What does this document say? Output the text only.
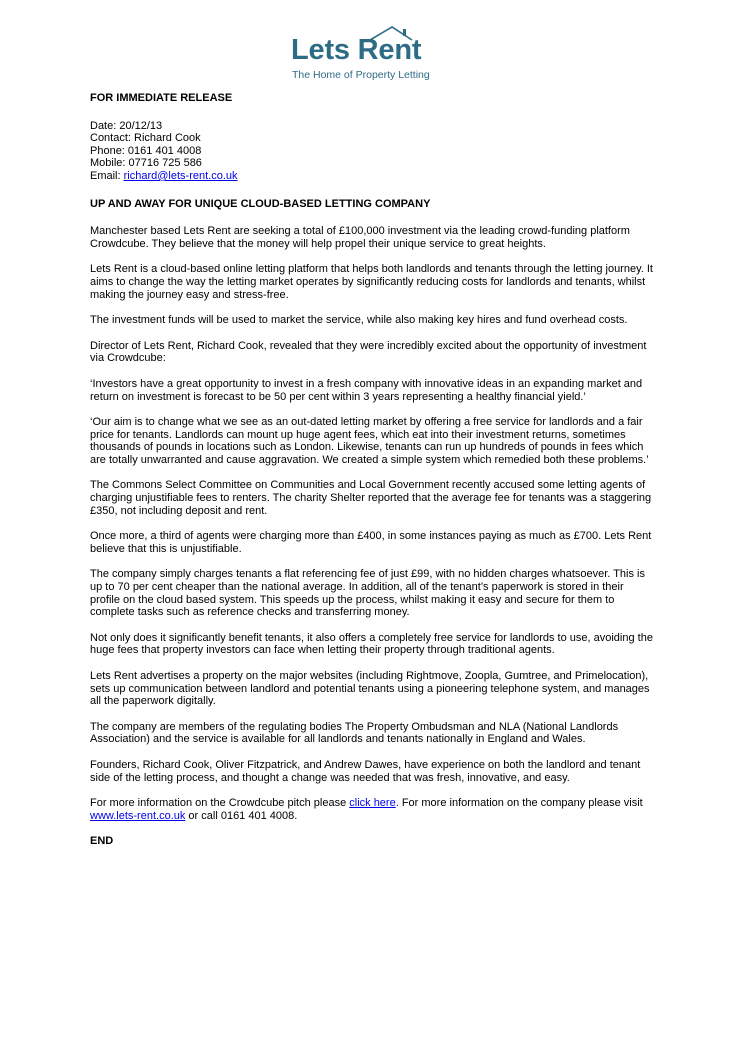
Lets Rent
The Home of Property Letting

FOR IMMEDIATE RELEASE

Date: 20/12/13
Contact: Richard Cook
Phone: 0161 401 4008
Mobile: 07716 725 586
Email: richard@lets-rent.co.uk

UP AND AWAY FOR UNIQUE CLOUD-BASED LETTING COMPANY

Manchester based Lets Rent are seeking a total of £100,000 investment via the leading crowd-funding platform Crowdcube. They believe that the money will help propel their unique service to great heights.

Lets Rent is a cloud-based online letting platform that helps both landlords and tenants through the letting journey. It aims to change the way the letting market operates by significantly reducing costs for landlords and tenants, whilst making the journey easy and stress-free.

The investment funds will be used to market the service, while also making key hires and fund overhead costs.

Director of Lets Rent, Richard Cook, revealed that they were incredibly excited about the opportunity of investment via Crowdcube:

‘Investors have a great opportunity to invest in a fresh company with innovative ideas in an expanding market and return on investment is forecast to be 50 per cent within 3 years representing a healthy financial yield.’

‘Our aim is to change what we see as an out-dated letting market by offering a free service for landlords and a fair price for tenants. Landlords can mount up huge agent fees, which eat into their investment returns, sometimes thousands of pounds in locations such as London. Likewise, tenants can run up hundreds of pounds in fees which are totally unwarranted and cause aggravation. We created a simple system which remedied both these problems.’

The Commons Select Committee on Communities and Local Government recently accused some letting agents of charging unjustifiable fees to renters. The charity Shelter reported that the average fee for tenants was a staggering £350, not including deposit and rent.

Once more, a third of agents were charging more than £400, in some instances paying as much as £700. Lets Rent believe that this is unjustifiable.

The company simply charges tenants a flat referencing fee of just £99, with no hidden charges whatsoever. This is up to 70 per cent cheaper than the national average. In addition, all of the tenant’s paperwork is stored in their profile on the cloud based system. This speeds up the process, whilst making it easy and secure for them to complete tasks such as reference checks and transferring money.

Not only does it significantly benefit tenants, it also offers a completely free service for landlords to use, avoiding the huge fees that property investors can face when letting their property through traditional agents.

Lets Rent advertises a property on the major websites (including Rightmove, Zoopla, Gumtree, and Primelocation), sets up communication between landlord and potential tenants using a pioneering telephone system, and manages all the paperwork digitally.

The company are members of the regulating bodies The Property Ombudsman and NLA (National Landlords Association) and the service is available for all landlords and tenants nationally in England and Wales.

Founders, Richard Cook, Oliver Fitzpatrick, and Andrew Dawes, have experience on both the landlord and tenant side of the letting process, and thought a change was needed that was fresh, innovative, and easy.

For more information on the Crowdcube pitch please click here. For more information on the company please visit www.lets-rent.co.uk or call 0161 401 4008.

END
